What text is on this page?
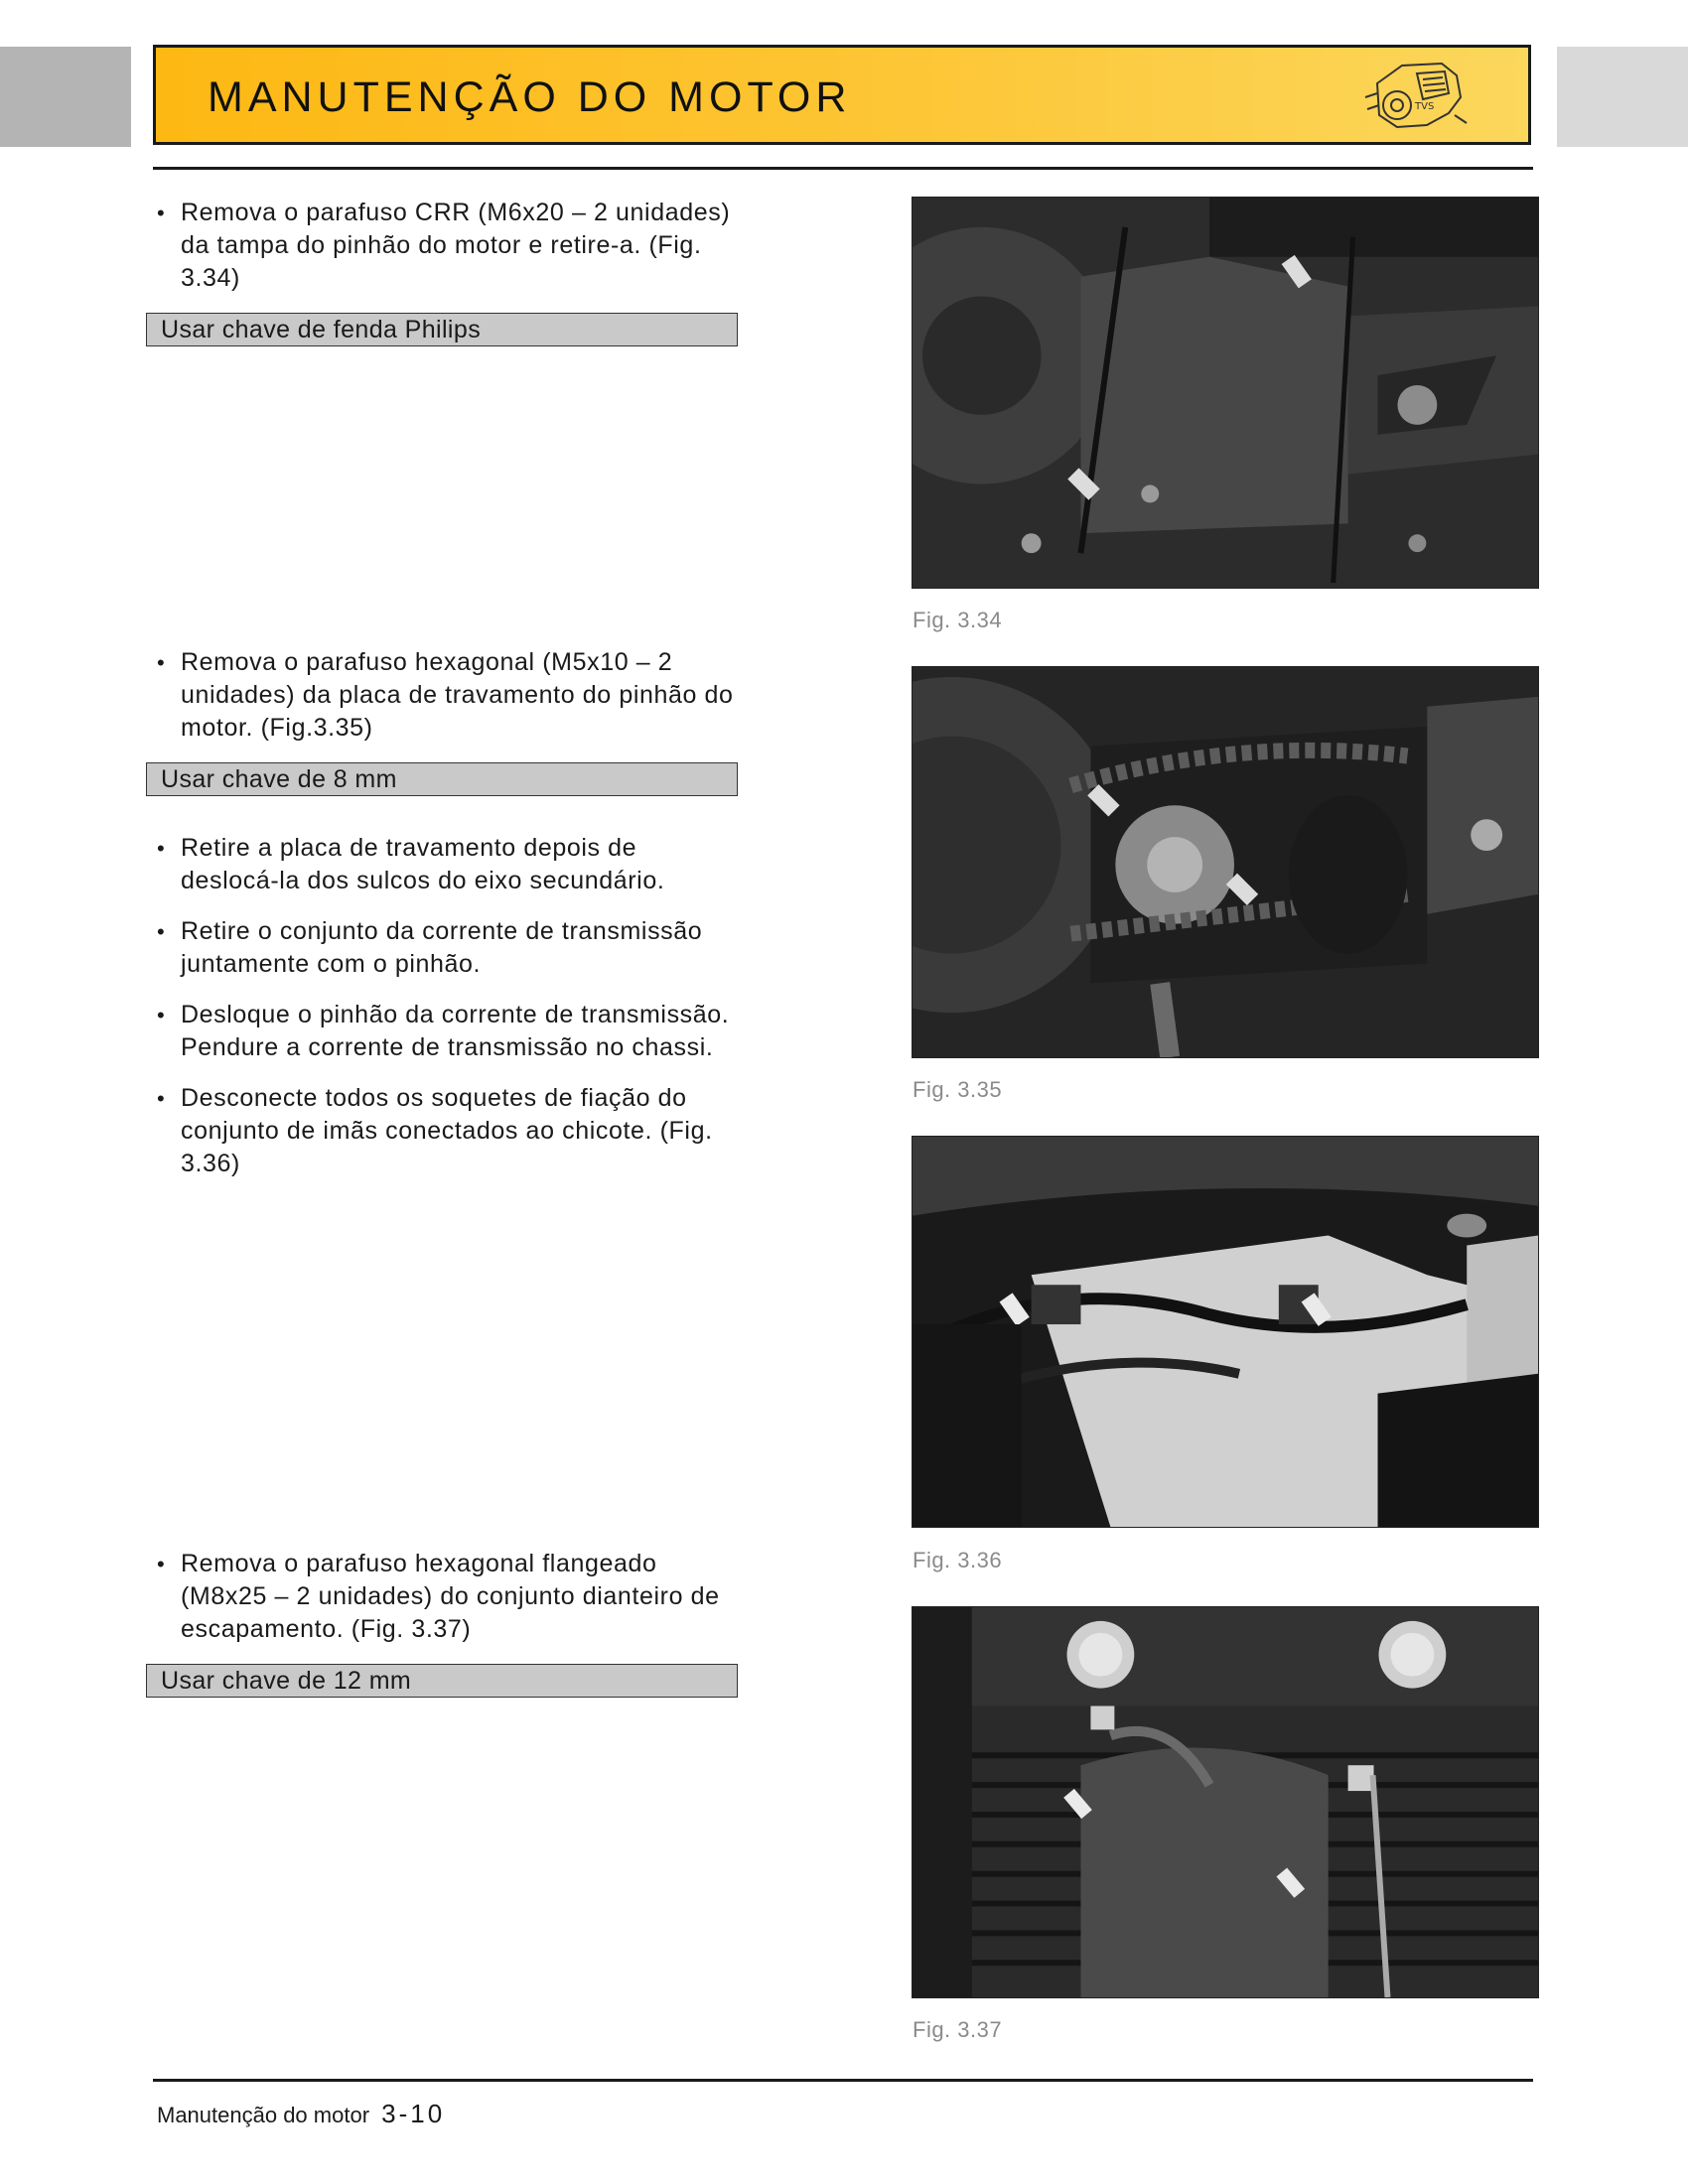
MANUTENÇÃO DO MOTOR	TVS
• Remova o parafuso CRR (M6x20 – 2 unidades) da tampa do pinhão do motor e retire-a. (Fig. 3.34)
Usar chave de fenda Philips
• Remova o parafuso hexagonal (M5x10 – 2 unidades) da placa de travamento do pinhão do motor. (Fig.3.35)
Usar chave de 8 mm
• Retire a placa de travamento depois de deslocá-la dos sulcos do eixo secundário.
• Retire o conjunto da corrente de transmissão juntamente com o pinhão.
• Desloque o pinhão da corrente de transmissão. Pendure a corrente de transmissão no chassi.
• Desconecte todos os soquetes de fiação do conjunto de imãs conectados ao chicote. (Fig. 3.36)
• Remova o parafuso hexagonal flangeado (M8x25 – 2 unidades) do conjunto dianteiro de escapamento. (Fig. 3.37)
Usar chave de 12 mm
Fig. 3.34
Fig. 3.35
Fig. 3.36
Fig. 3.37
Manutenção do motor 3-10
